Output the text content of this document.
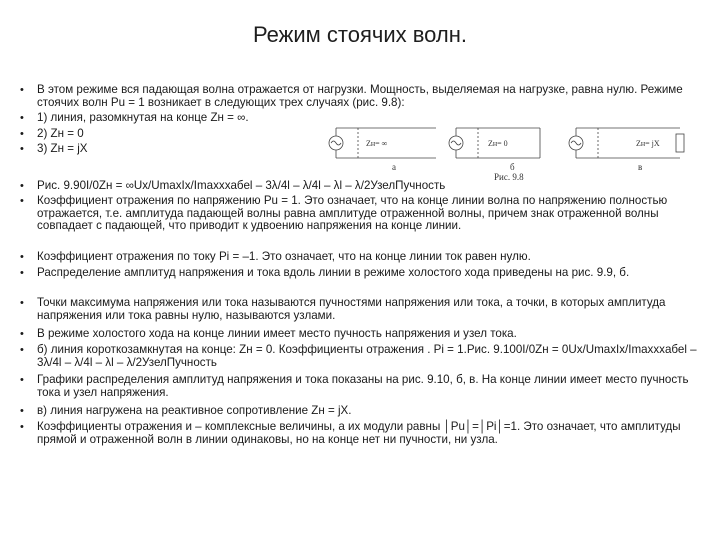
Режим стоячих волн.
•	В этом режиме вся падающая волна отражается от нагрузки. Мощность, выделяемая на нагрузке, равна нулю. Режиме стоячих волн Pu = 1 возникает в следующих трех случаях (рис. 9.8):
•	1) линия, разомкнутая на конце Zн = ∞.
•	2) Zн = 0
•	3) Zн = jX
•	Рис. 9.90I/0Zн = ∞Ux/UmaxIx/Imaxxxaбеl – 3λ/4l – λ/4l – λl – λ/2УзелПучность
•	Коэффициент отражения по напряжению Pu = 1. Это означает, что на конце линии волна по напряжению полностью отражается, т.е. амплитуда падающей волны равна амплитуде отраженной волны, причем знак отраженной волны совпадает с падающей, что приводит к удвоению напряжения на конце линии.
•	Коэффициент отражения по току Pi = –1. Это означает, что на конце линии ток равен нулю.
•	Распределение амплитуд напряжения и тока вдоль линии в режиме холостого хода приведены на рис. 9.9, б.
•	Точки максимума напряжения или тока называются пучностями напряжения или тока, а точки, в которых амплитуда напряжения или тока равны нулю, называются узлами.
•	В режиме холостого хода на конце линии имеет место пучность напряжения и узел тока.
•	б) линия короткозамкнутая на конце: Zн = 0. Коэффициенты отражения . Pi = 1.Рис. 9.100I/0Zн = 0Ux/UmaxIx/Imaxxxaбеl – 3λ/4l – λ/4l – λl – λ/2УзелПучность
•	Графики распределения амплитуд напряжения и тока показаны на рис. 9.10, б, в. На конце линии имеет место пучность тока и узел напряжения.
•	в) линия нагружена на реактивное сопротивление Zн = jX.
•	Коэффициенты отражения и – комплексные величины, а их модули равны │Pu│=│Pi│=1. Это означает, что амплитуды прямой и отраженной волн в линии одинаковы, но на конце нет ни пучности, ни узла.
Zн= ∞
а
Zн= 0
б
Zн= jX
в
Рис. 9.8
